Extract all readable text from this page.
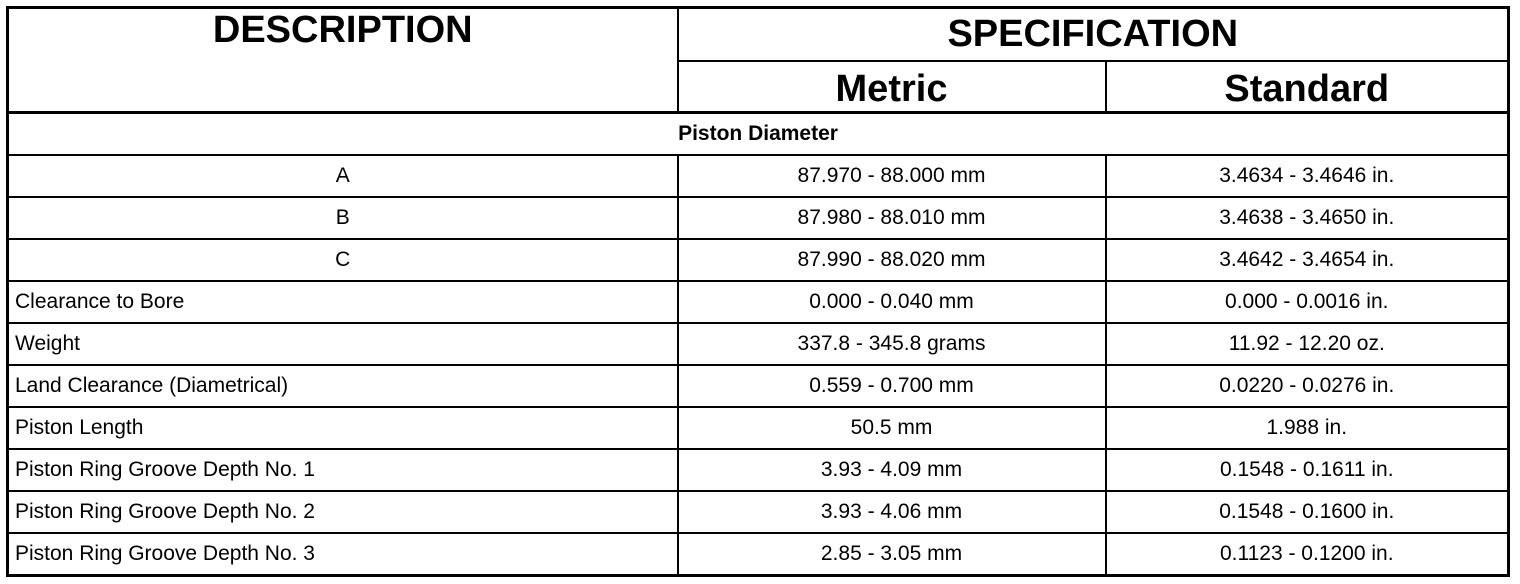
DESCRIPTION	SPECIFICATION	
	Metric	Standard
Piston Diameter		
A	87.970 - 88.000 mm	3.4634 - 3.4646 in.
B	87.980 - 88.010 mm	3.4638 - 3.4650 in.
C	87.990 - 88.020 mm	3.4642 - 3.4654 in.
Clearance to Bore	0.000 - 0.040 mm	0.000 - 0.0016 in.
Weight	337.8 - 345.8 grams	11.92 - 12.20 oz.
Land Clearance (Diametrical)	0.559 - 0.700 mm	0.0220 - 0.0276 in.
Piston Length	50.5 mm	1.988 in.
Piston Ring Groove Depth No. 1	3.93 - 4.09 mm	0.1548 - 0.1611 in.
Piston Ring Groove Depth No. 2	3.93 - 4.06 mm	0.1548 - 0.1600 in.
Piston Ring Groove Depth No. 3	2.85 - 3.05 mm	0.1123 - 0.1200 in.
